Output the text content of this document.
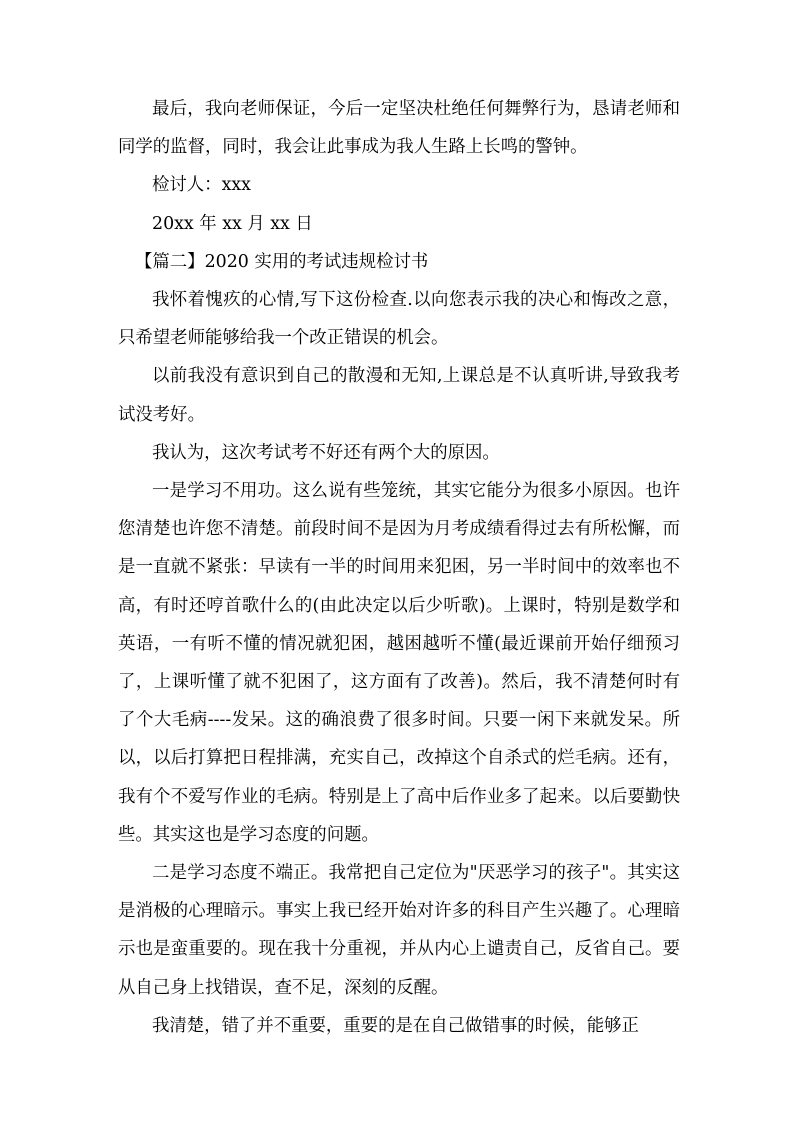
最后，我向老师保证，今后一定坚决杜绝任何舞弊行为，恳请老师和同学的监督，同时，我会让此事成为我人生路上长鸣的警钟。

检讨人：xxx

20xx 年 xx 月 xx 日

【篇二】2020 实用的考试违规检讨书

我怀着愧疚的心情,写下这份检查.以向您表示我的决心和悔改之意，只希望老师能够给我一个改正错误的机会。

以前我没有意识到自己的散漫和无知,上课总是不认真听讲,导致我考试没考好。

我认为，这次考试考不好还有两个大的原因。

一是学习不用功。这么说有些笼统，其实它能分为很多小原因。也许您清楚也许您不清楚。前段时间不是因为月考成绩看得过去有所松懈，而是一直就不紧张：早读有一半的时间用来犯困，另一半时间中的效率也不高，有时还哼首歌什么的(由此决定以后少听歌)。上课时，特别是数学和英语，一有听不懂的情况就犯困，越困越听不懂(最近课前开始仔细预习了，上课听懂了就不犯困了，这方面有了改善)。然后，我不清楚何时有了个大毛病----发呆。这的确浪费了很多时间。只要一闲下来就发呆。所以，以后打算把日程排满，充实自己，改掉这个自杀式的烂毛病。还有，我有个不爱写作业的毛病。特别是上了高中后作业多了起来。以后要勤快些。其实这也是学习态度的问题。

二是学习态度不端正。我常把自己定位为"厌恶学习的孩子"。其实这是消极的心理暗示。事实上我已经开始对许多的科目产生兴趣了。心理暗示也是蛮重要的。现在我十分重视，并从内心上谴责自己，反省自己。要从自己身上找错误，查不足，深刻的反醒。

我清楚，错了并不重要，重要的是在自己做错事的时候，能够正
